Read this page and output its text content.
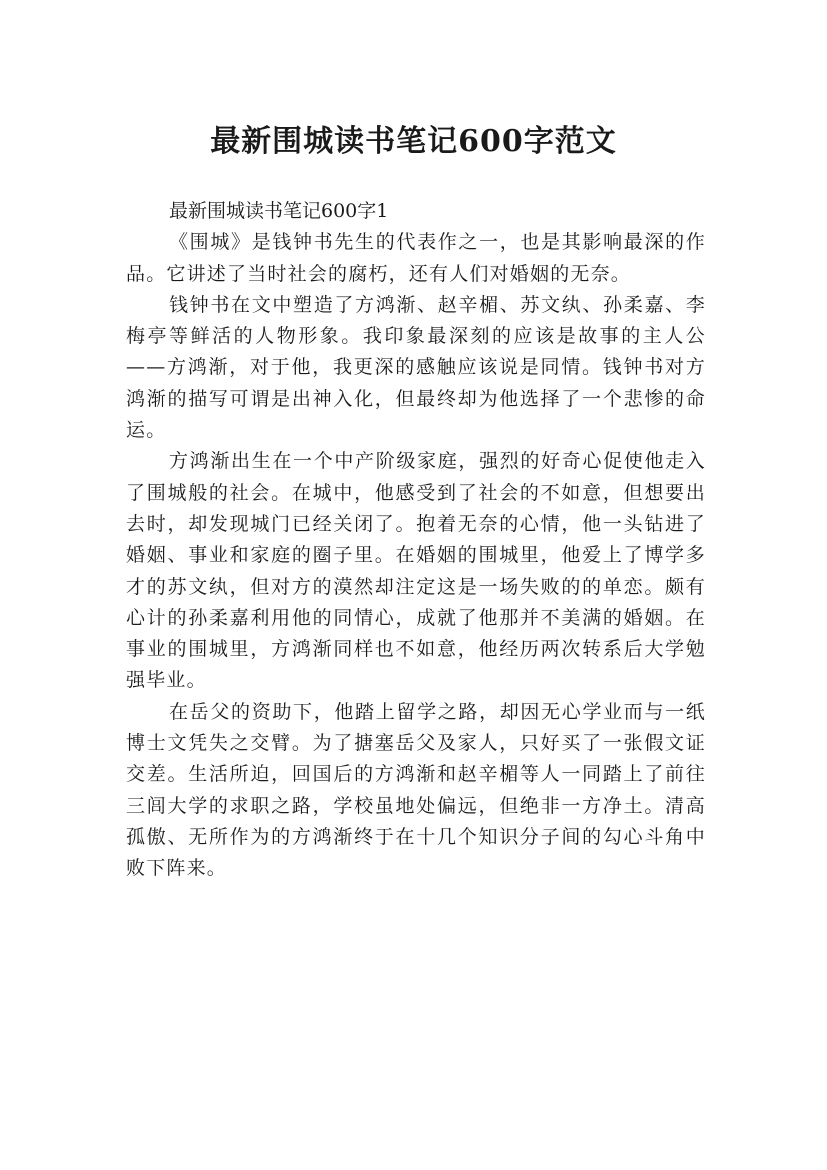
最新围城读书笔记600字范文

最新围城读书笔记600字1

《围城》是钱钟书先生的代表作之一，也是其影响最深的作品。它讲述了当时社会的腐朽，还有人们对婚姻的无奈。

钱钟书在文中塑造了方鸿渐、赵辛楣、苏文纨、孙柔嘉、李梅亭等鲜活的人物形象。我印象最深刻的应该是故事的主人公——方鸿渐，对于他，我更深的感触应该说是同情。钱钟书对方鸿渐的描写可谓是出神入化，但最终却为他选择了一个悲惨的命运。

方鸿渐出生在一个中产阶级家庭，强烈的好奇心促使他走入了围城般的社会。在城中，他感受到了社会的不如意，但想要出去时，却发现城门已经关闭了。抱着无奈的心情，他一头钻进了婚姻、事业和家庭的圈子里。在婚姻的围城里，他爱上了博学多才的苏文纨，但对方的漠然却注定这是一场失败的的单恋。颇有心计的孙柔嘉利用他的同情心，成就了他那并不美满的婚姻。在事业的围城里，方鸿渐同样也不如意，他经历两次转系后大学勉强毕业。

在岳父的资助下，他踏上留学之路，却因无心学业而与一纸博士文凭失之交臂。为了搪塞岳父及家人，只好买了一张假文证交差。生活所迫，回国后的方鸿渐和赵辛楣等人一同踏上了前往三闾大学的求职之路，学校虽地处偏远，但绝非一方净土。清高孤傲、无所作为的方鸿渐终于在十几个知识分子间的勾心斗角中败下阵来。
